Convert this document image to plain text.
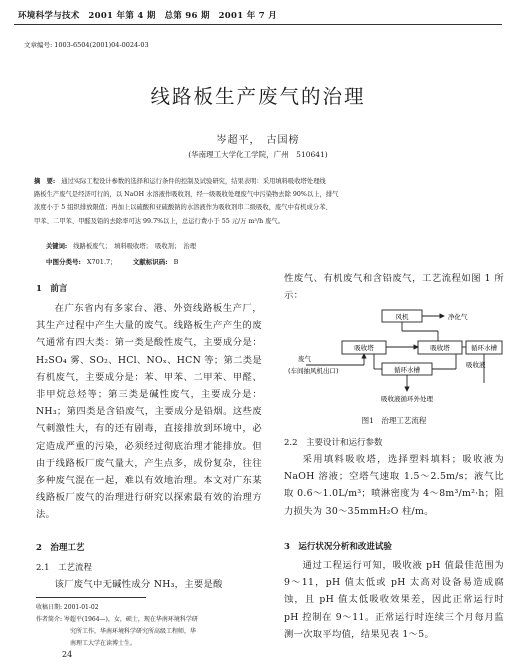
环境科学与技术　2001 年第 4 期　总第 96 期　2001 年 7 月
文章编号: 1003-6504(2001)04-0024-03
线路板生产废气的治理
岑超平，　古国榜
(华南理工大学化工学院，广州　510641)

摘　要: 通过实际工程设计参数的选择和运行条件的控制及试验研究，结果表明：采用填料吸收塔处理线

路板生产废气是经济可行的，以 NaOH 水溶液作吸收剂，经一级吸收处理废气中污染物去除 90%以上，排气

浓度小于 5 组织排放限值；再加上以硫酸和亚硫酸钠的水溶液作为吸收剂串二级吸收，废气中有机成分苯、

甲苯、二甲苯、甲醛及铅的去除率可达 99.7%以上，总运行费小于 55 元/万 m³/h 废气。

关键词: 线路板废气；　填料吸收塔；　吸收剂；　治理
中图分类号: X701.7； 文献标识码: B
1　前言

在广东省内有多家台、港、外资线路板生产厂，其生产过程中产生大量的废气。线路板生产产生的废气通常有四大类：第一类是酸性废气，主要成分是：H₂SO₄ 雾、SO₂、HCl、NOₓ、HCN 等；第二类是有机废气，主要成分是：苯、甲苯、二甲苯、甲醛、非甲烷总烃等；第三类是碱性废气，主要成分是：NH₃；第四类是含铅废气，主要成分是铅烟。这些废气刺激性大，有的还有剧毒，直接排放到环境中，必定造成严重的污染，必须经过彻底治理才能排放。但由于线路板厂废气量大，产生点多，成份复杂，往往多种废气混在一起，难以有效地治理。本文对广东某线路板厂废气的治理进行研究以探索最有效的治理方法。

2　治理工艺
2.1　工艺流程

该厂废气中无碱性成分 NH₃，主要是酸

收稿日期: 2001-01-02

作者简介: 岑超平(1964—)，女，硕士，现在华南环境科学研

究所工作，华南环境科学研究所高级工程师，华

南理工大学在读博士生。

24

性废气、有机废气和含铅废气，工艺流程如图 1 所示：

风机	净化气
吸收塔	吸收塔	循环水槽
循环水槽
废气
(车间抽风机出口)
吸收液
吸收液循环外处理
图1　治理工艺流程
2.2　主要设计和运行参数

采用填料吸收塔，选择塑料填料；吸收液为 NaOH 溶液；空塔气速取 1.5～2.5m/s；液气比取 0.6～1.0L/m³；喷淋密度为 4～8m³/m²·h；阻力损失为 30～35mmH₂O 柱/m。

3　运行状况分析和改进试验

通过工程运行可知，吸收液 pH 值最佳范围为 9～11，pH 值太低或 pH 太高对设备易造成腐蚀，且 pH 值太低吸收效果差，因此正常运行时 pH 控制在 9～11。正常运行时连续三个月每月监测一次取平均值，结果见表 1～5。
